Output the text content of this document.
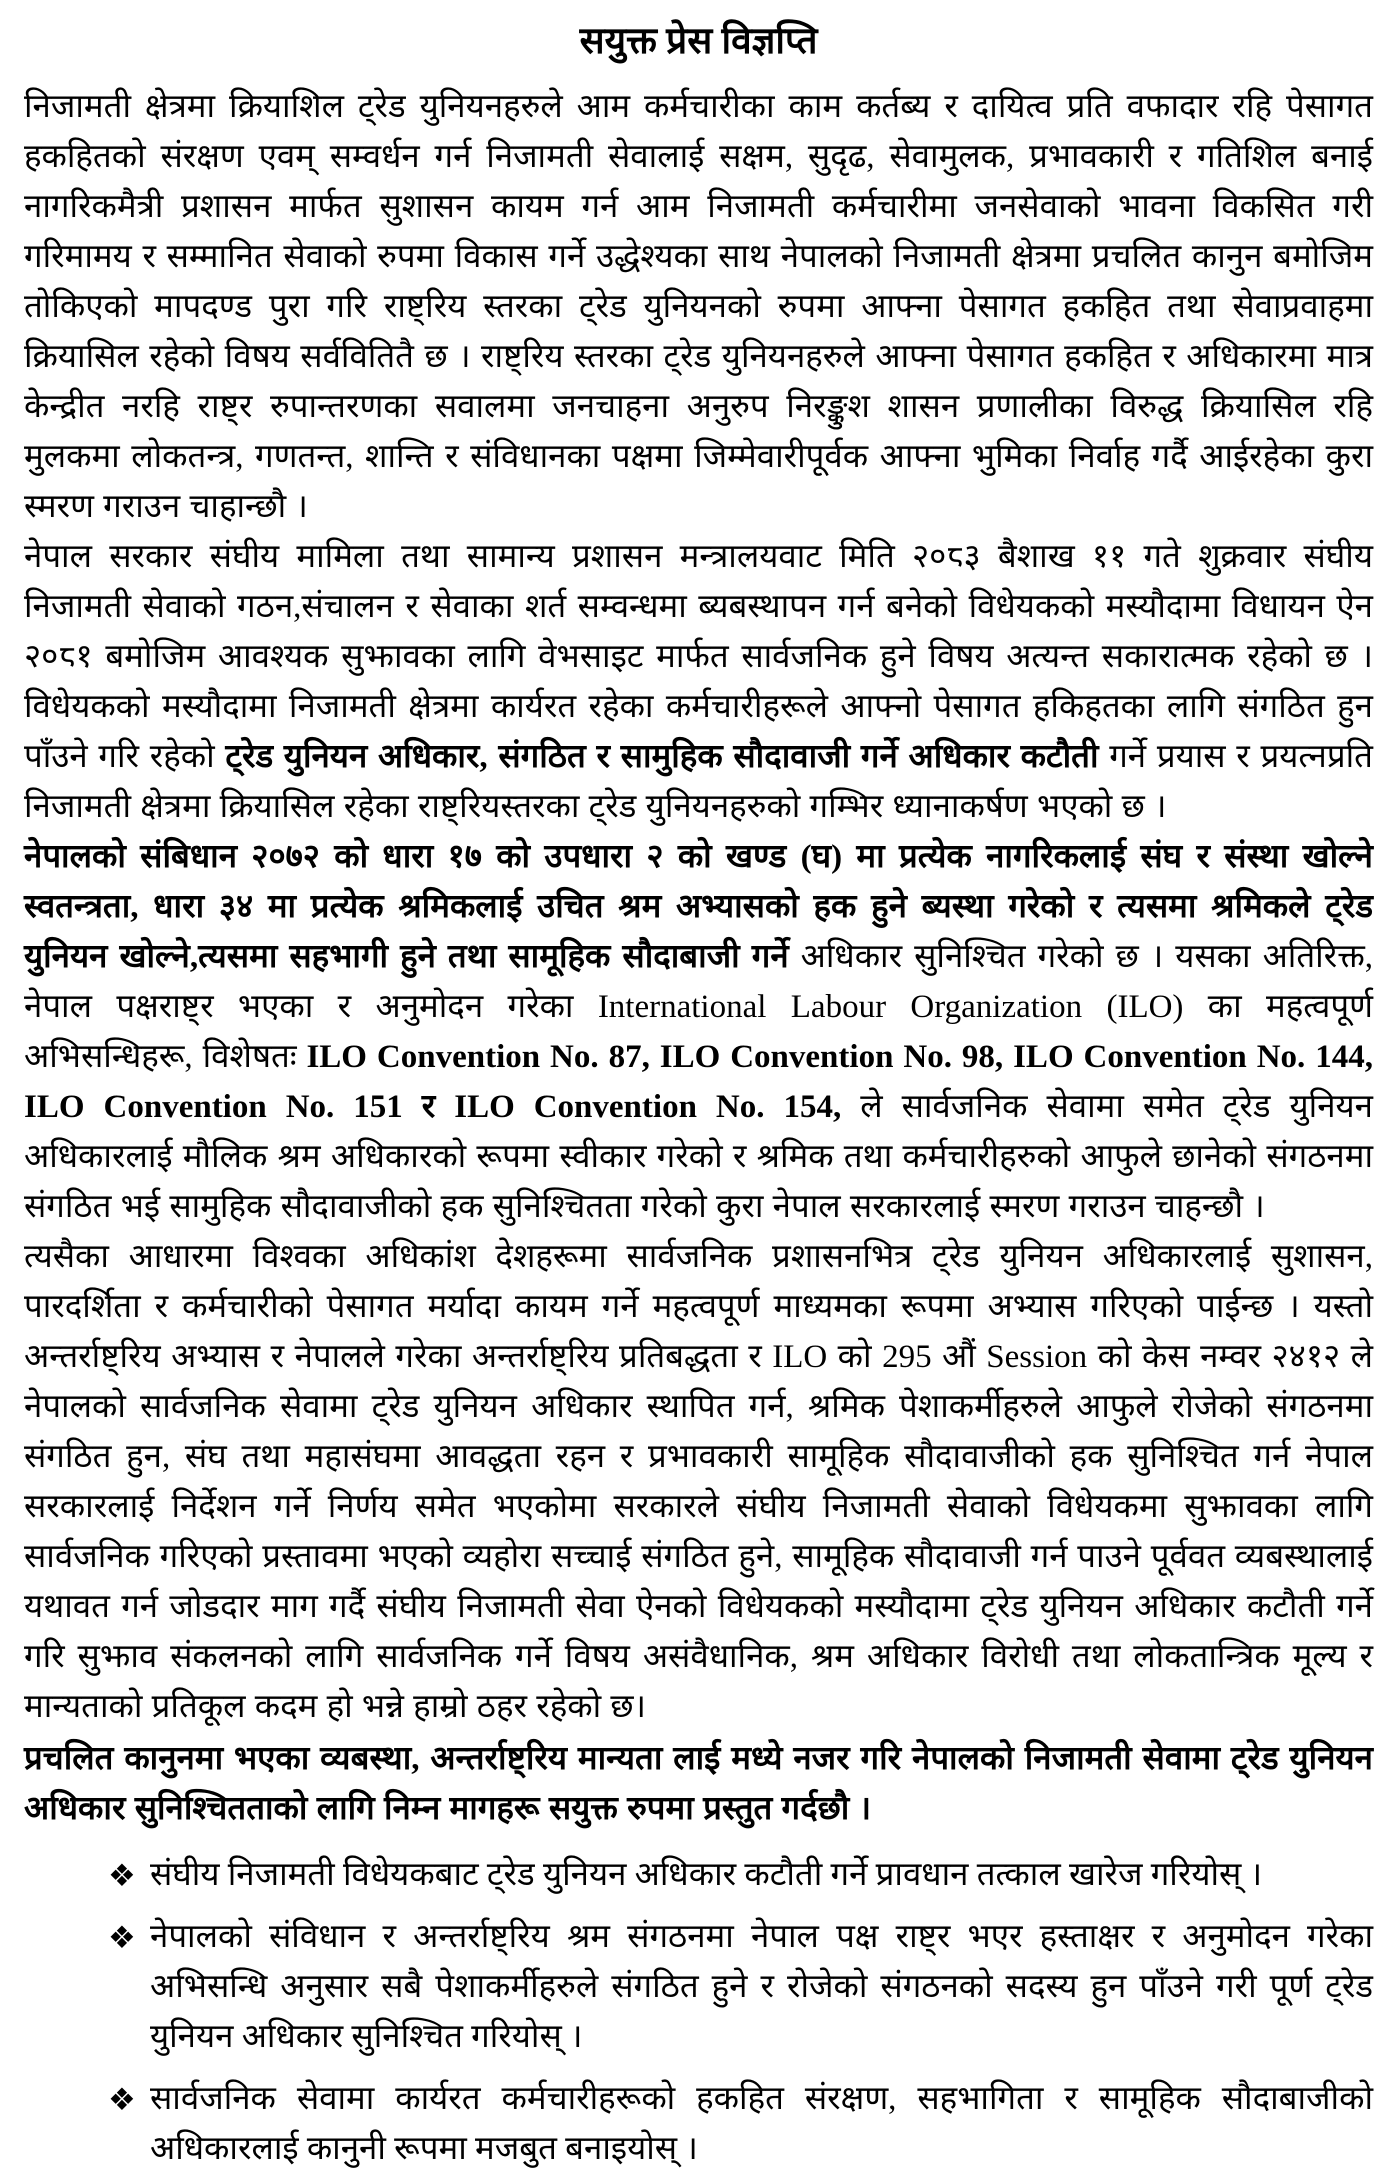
सयुक्त प्रेस विज्ञप्ति

निजामती क्षेत्रमा क्रियाशिल ट्रेड युनियनहरुले आम कर्मचारीका काम कर्तब्य र दायित्व प्रति वफादार रहि पेसागत हकहितको संरक्षण एवम् सम्वर्धन गर्न निजामती सेवालाई सक्षम, सुदृढ, सेवामुलक, प्रभावकारी र गतिशिल बनाई नागरिकमैत्री प्रशासन मार्फत सुशासन कायम गर्न आम निजामती कर्मचारीमा जनसेवाको भावना विकसित गरी गरिमामय र सम्मानित सेवाको रुपमा विकास गर्ने उद्धेश्यका साथ नेपालको निजामती क्षेत्रमा प्रचलित कानुन बमोजिम तोकिएको मापदण्ड पुरा गरि राष्ट्रिय स्तरका ट्रेड युनियनको रुपमा आफ्ना पेसागत हकहित तथा सेवाप्रवाहमा क्रियासिल रहेको विषय सर्ववितितै छ । राष्ट्रिय स्तरका ट्रेड युनियनहरुले आफ्ना पेसागत हकहित र अधिकारमा मात्र केन्द्रीत नरहि राष्ट्र रुपान्तरणका सवालमा जनचाहना अनुरुप निरङ्कुश शासन प्रणालीका विरुद्ध क्रियासिल रहि मुलकमा लोकतन्त्र, गणतन्त, शान्ति र संविधानका पक्षमा जिम्मेवारीपूर्वक आफ्ना भुमिका निर्वाह गर्दै आईरहेका कुरा स्मरण गराउन चाहान्छौ ।

नेपाल सरकार संघीय मामिला तथा सामान्य प्रशासन मन्त्रालयवाट मिति २०८३ बैशाख ११ गते शुक्रवार संघीय निजामती सेवाको गठन,संचालन र सेवाका शर्त सम्वन्धमा ब्यबस्थापन गर्न बनेको विधेयकको मस्यौदामा विधायन ऐन २०८१ बमोजिम आवश्यक सुझावका लागि वेभसाइट मार्फत सार्वजनिक हुने विषय अत्यन्त सकारात्मक रहेको छ । विधेयकको मस्यौदामा निजामती क्षेत्रमा कार्यरत रहेका कर्मचारीहरूले आफ्नो पेसागत हकिहतका लागि संगठित हुन पाँउने गरि रहेको ट्रेड युनियन अधिकार, संगठित र सामुहिक सौदावाजी गर्ने अधिकार कटौती गर्ने प्रयास र प्रयत्नप्रति निजामती क्षेत्रमा क्रियासिल रहेका राष्ट्रियस्तरका ट्रेड युनियनहरुको गम्भिर ध्यानाकर्षण भएको छ ।

नेपालको संबिधान २०७२ को धारा १७ को उपधारा २ को खण्ड (घ) मा प्रत्येक नागरिकलाई संघ र संस्था खोल्ने स्वतन्त्रता, धारा ३४ मा प्रत्येक श्रमिकलाई उचित श्रम अभ्यासको हक हुने ब्यस्था गरेको र त्यसमा श्रमिकले ट्रेड युनियन खोल्ने,त्यसमा सहभागी हुने तथा सामूहिक सौदाबाजी गर्ने अधिकार सुनिश्चित गरेको छ । यसका अतिरिक्त, नेपाल पक्षराष्ट्र भएका र अनुमोदन गरेका International Labour Organization (ILO) का महत्वपूर्ण अभिसन्धिहरू, विशेषतः ILO Convention No. 87, ILO Convention No. 98, ILO Convention No. 144, ILO Convention No. 151 र ILO Convention No. 154, ले सार्वजनिक सेवामा समेत ट्रेड युनियन अधिकारलाई मौलिक श्रम अधिकारको रूपमा स्वीकार गरेको र श्रमिक तथा कर्मचारीहरुको आफुले छानेको संगठनमा संगठित भई सामुहिक सौदावाजीको हक सुनिश्चितता गरेको कुरा नेपाल सरकारलाई स्मरण गराउन चाहन्छौ ।

त्यसैका आधारमा विश्वका अधिकांश देशहरूमा सार्वजनिक प्रशासनभित्र ट्रेड युनियन अधिकारलाई सुशासन, पारदर्शिता र कर्मचारीको पेसागत मर्यादा कायम गर्ने महत्वपूर्ण माध्यमका रूपमा अभ्यास गरिएको पाईन्छ । यस्तो अन्तर्राष्ट्रिय अभ्यास र नेपालले गरेका अन्तर्राष्ट्रिय प्रतिबद्धता र ILO को 295 औं Session को केस नम्वर २४१२ ले नेपालको सार्वजनिक सेवामा ट्रेड युनियन अधिकार स्थापित गर्न, श्रमिक पेशाकर्मीहरुले आफुले रोजेको संगठनमा संगठित हुन, संघ तथा महासंघमा आवद्धता रहन र प्रभावकारी सामूहिक सौदावाजीको हक सुनिश्चित गर्न नेपाल सरकारलाई निर्देशन गर्ने निर्णय समेत भएकोमा सरकारले संघीय निजामती सेवाको विधेयकमा सुझावका लागि सार्वजनिक गरिएको प्रस्तावमा भएको व्यहोरा सच्चाई संगठित हुने, सामूहिक सौदावाजी गर्न पाउने पूर्ववत व्यबस्थालाई यथावत गर्न जोडदार माग गर्दै संघीय निजामती सेवा ऐनको विधेयकको मस्यौदामा ट्रेड युनियन अधिकार कटौती गर्ने गरि सुझाव संकलनको लागि सार्वजनिक गर्ने विषय असंवैधानिक, श्रम अधिकार विरोधी तथा लोकतान्त्रिक मूल्य र मान्यताको प्रतिकूल कदम हो भन्ने हाम्रो ठहर रहेको छ।

प्रचलित कानुनमा भएका व्यबस्था, अन्तर्राष्ट्रिय मान्यता लाई मध्ये नजर गरि नेपालको निजामती सेवामा ट्रेड युनियन अधिकार सुनिश्चितताको लागि निम्न मागहरू सयुक्त रुपमा प्रस्तुत गर्दछौ ।

❖ संघीय निजामती विधेयकबाट ट्रेड युनियन अधिकार कटौती गर्ने प्रावधान तत्काल खारेज गरियोस् ।
❖ नेपालको संविधान र अन्तर्राष्ट्रिय श्रम संगठनमा नेपाल पक्ष राष्ट्र भएर हस्ताक्षर र अनुमोदन गरेका अभिसन्धि अनुसार सबै पेशाकर्मीहरुले संगठित हुने र रोजेको संगठनको सदस्य हुन पाँउने गरी पूर्ण ट्रेड युनियन अधिकार सुनिश्चित गरियोस् ।
❖ सार्वजनिक सेवामा कार्यरत कर्मचारीहरूको हकहित संरक्षण, सहभागिता र सामूहिक सौदाबाजीको अधिकारलाई कानुनी रूपमा मजबुत बनाइयोस् ।
